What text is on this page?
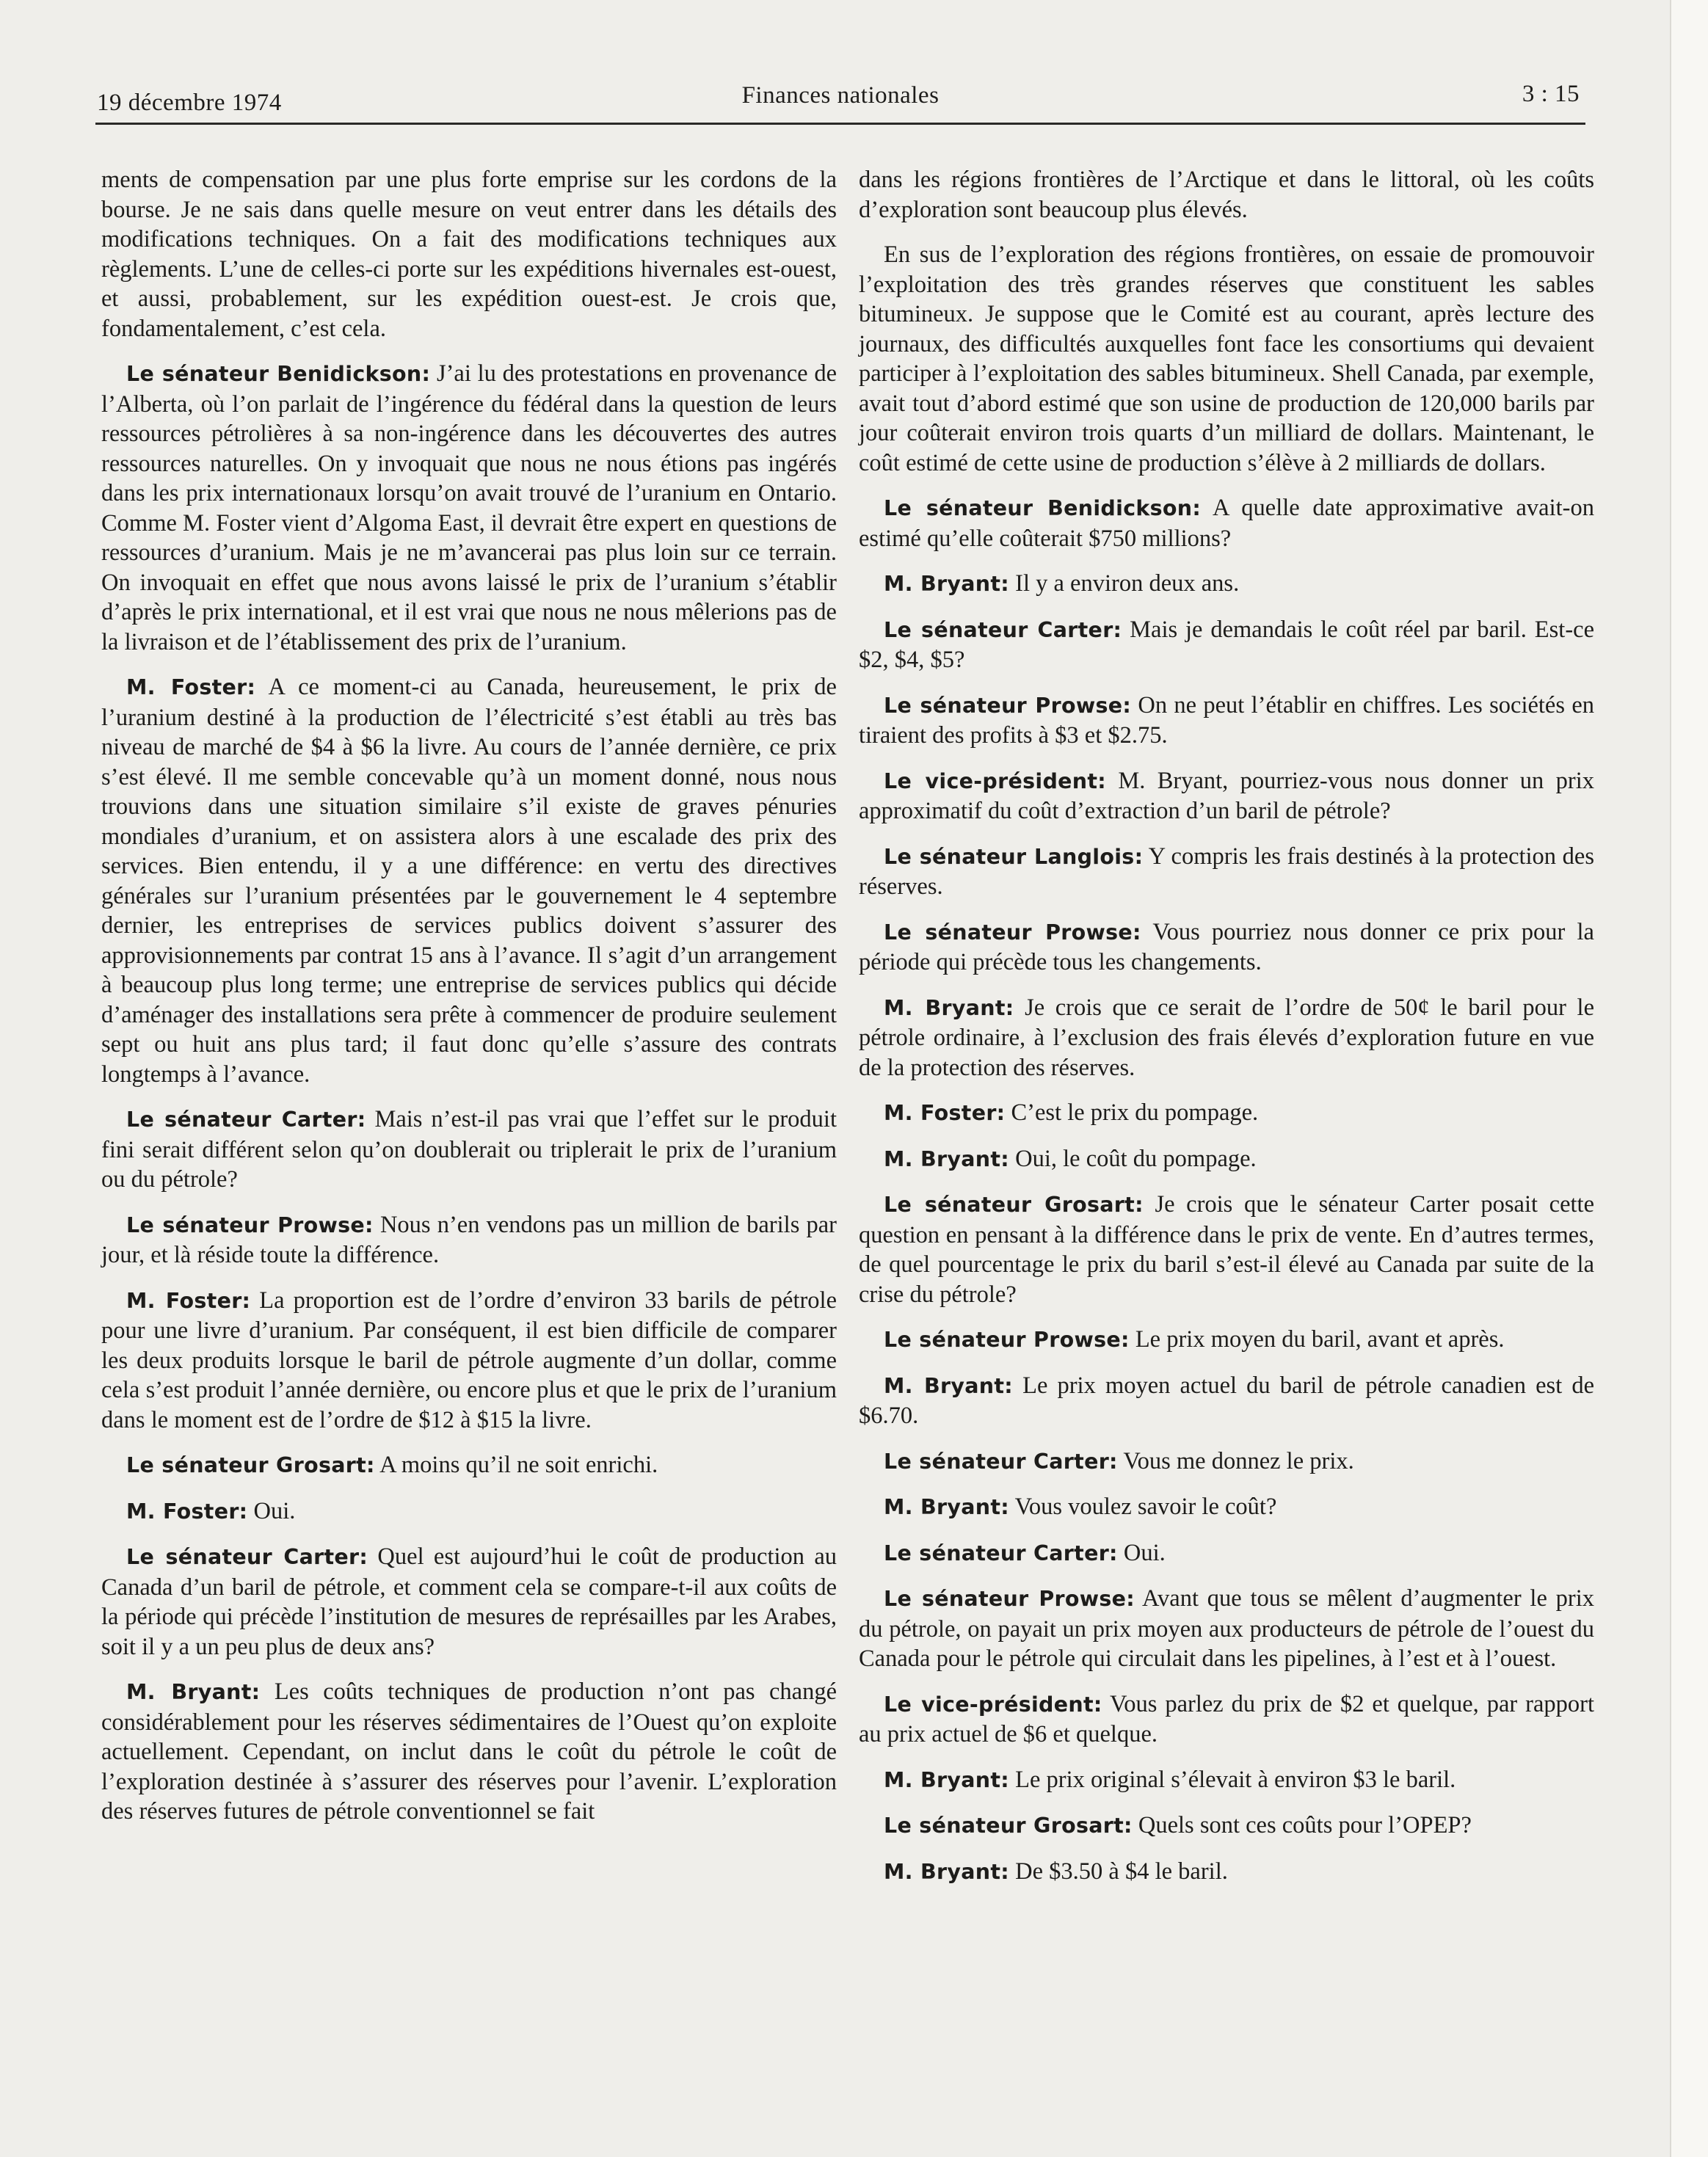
19 décembre 1974	Finances nationales	3 : 15

ments de compensation par une plus forte emprise sur les cordons de la bourse. Je ne sais dans quelle mesure on veut entrer dans les détails des modifications techniques. On a fait des modifications techniques aux règlements. L’une de celles-ci porte sur les expéditions hivernales est-ouest, et aussi, probablement, sur les expédition ouest-est. Je crois que, fondamentalement, c’est cela.

Le sénateur Benidickson: J’ai lu des protestations en provenance de l’Alberta, où l’on parlait de l’ingérence du fédéral dans la question de leurs ressources pétrolières à sa non-ingérence dans les découvertes des autres ressources naturelles. On y invoquait que nous ne nous étions pas ingérés dans les prix internationaux lorsqu’on avait trouvé de l’uranium en Ontario. Comme M. Foster vient d’Algoma East, il devrait être expert en questions de ressources d’uranium. Mais je ne m’avancerai pas plus loin sur ce terrain. On invoquait en effet que nous avons laissé le prix de l’uranium s’établir d’après le prix international, et il est vrai que nous ne nous mêlerions pas de la livraison et de l’établissement des prix de l’uranium.

M. Foster: A ce moment-ci au Canada, heureusement, le prix de l’uranium destiné à la production de l’électricité s’est établi au très bas niveau de marché de $4 à $6 la livre. Au cours de l’année dernière, ce prix s’est élevé. Il me semble concevable qu’à un moment donné, nous nous trouvions dans une situation similaire s’il existe de graves pénuries mondiales d’uranium, et on assistera alors à une escalade des prix des services. Bien entendu, il y a une différence: en vertu des directives générales sur l’uranium présentées par le gouvernement le 4 septembre dernier, les entreprises de services publics doivent s’assurer des approvisionnements par contrat 15 ans à l’avance. Il s’agit d’un arrangement à beaucoup plus long terme; une entreprise de services publics qui décide d’aménager des installations sera prête à commencer de produire seulement sept ou huit ans plus tard; il faut donc qu’elle s’assure des contrats longtemps à l’avance.

Le sénateur Carter: Mais n’est-il pas vrai que l’effet sur le produit fini serait différent selon qu’on doublerait ou triplerait le prix de l’uranium ou du pétrole?

Le sénateur Prowse: Nous n’en vendons pas un million de barils par jour, et là réside toute la différence.

M. Foster: La proportion est de l’ordre d’environ 33 barils de pétrole pour une livre d’uranium. Par conséquent, il est bien difficile de comparer les deux produits lorsque le baril de pétrole augmente d’un dollar, comme cela s’est produit l’année dernière, ou encore plus et que le prix de l’uranium dans le moment est de l’ordre de $12 à $15 la livre.

Le sénateur Grosart: A moins qu’il ne soit enrichi.

M. Foster: Oui.

Le sénateur Carter: Quel est aujourd’hui le coût de production au Canada d’un baril de pétrole, et comment cela se compare-t-il aux coûts de la période qui précède l’institution de mesures de représailles par les Arabes, soit il y a un peu plus de deux ans?

M. Bryant: Les coûts techniques de production n’ont pas changé considérablement pour les réserves sédimentaires de l’Ouest qu’on exploite actuellement. Cependant, on inclut dans le coût du pétrole le coût de l’exploration destinée à s’assurer des réserves pour l’avenir. L’exploration des réserves futures de pétrole conventionnel se fait

dans les régions frontières de l’Arctique et dans le littoral, où les coûts d’exploration sont beaucoup plus élevés.

En sus de l’exploration des régions frontières, on essaie de promouvoir l’exploitation des très grandes réserves que constituent les sables bitumineux. Je suppose que le Comité est au courant, après lecture des journaux, des difficultés auxquelles font face les consortiums qui devaient participer à l’exploitation des sables bitumineux. Shell Canada, par exemple, avait tout d’abord estimé que son usine de production de 120,000 barils par jour coûterait environ trois quarts d’un milliard de dollars. Maintenant, le coût estimé de cette usine de production s’élève à 2 milliards de dollars.

Le sénateur Benidickson: A quelle date approximative avait-on estimé qu’elle coûterait $750 millions?

M. Bryant: Il y a environ deux ans.

Le sénateur Carter: Mais je demandais le coût réel par baril. Est-ce $2, $4, $5?

Le sénateur Prowse: On ne peut l’établir en chiffres. Les sociétés en tiraient des profits à $3 et $2.75.

Le vice-président: M. Bryant, pourriez-vous nous donner un prix approximatif du coût d’extraction d’un baril de pétrole?

Le sénateur Langlois: Y compris les frais destinés à la protection des réserves.

Le sénateur Prowse: Vous pourriez nous donner ce prix pour la période qui précède tous les changements.

M. Bryant: Je crois que ce serait de l’ordre de 50¢ le baril pour le pétrole ordinaire, à l’exclusion des frais élevés d’exploration future en vue de la protection des réserves.

M. Foster: C’est le prix du pompage.

M. Bryant: Oui, le coût du pompage.

Le sénateur Grosart: Je crois que le sénateur Carter posait cette question en pensant à la différence dans le prix de vente. En d’autres termes, de quel pourcentage le prix du baril s’est-il élevé au Canada par suite de la crise du pétrole?

Le sénateur Prowse: Le prix moyen du baril, avant et après.

M. Bryant: Le prix moyen actuel du baril de pétrole canadien est de $6.70.

Le sénateur Carter: Vous me donnez le prix.

M. Bryant: Vous voulez savoir le coût?

Le sénateur Carter: Oui.

Le sénateur Prowse: Avant que tous se mêlent d’augmenter le prix du pétrole, on payait un prix moyen aux producteurs de pétrole de l’ouest du Canada pour le pétrole qui circulait dans les pipelines, à l’est et à l’ouest.

Le vice-président: Vous parlez du prix de $2 et quelque, par rapport au prix actuel de $6 et quelque.

M. Bryant: Le prix original s’élevait à environ $3 le baril.

Le sénateur Grosart: Quels sont ces coûts pour l’OPEP?

M. Bryant: De $3.50 à $4 le baril.
